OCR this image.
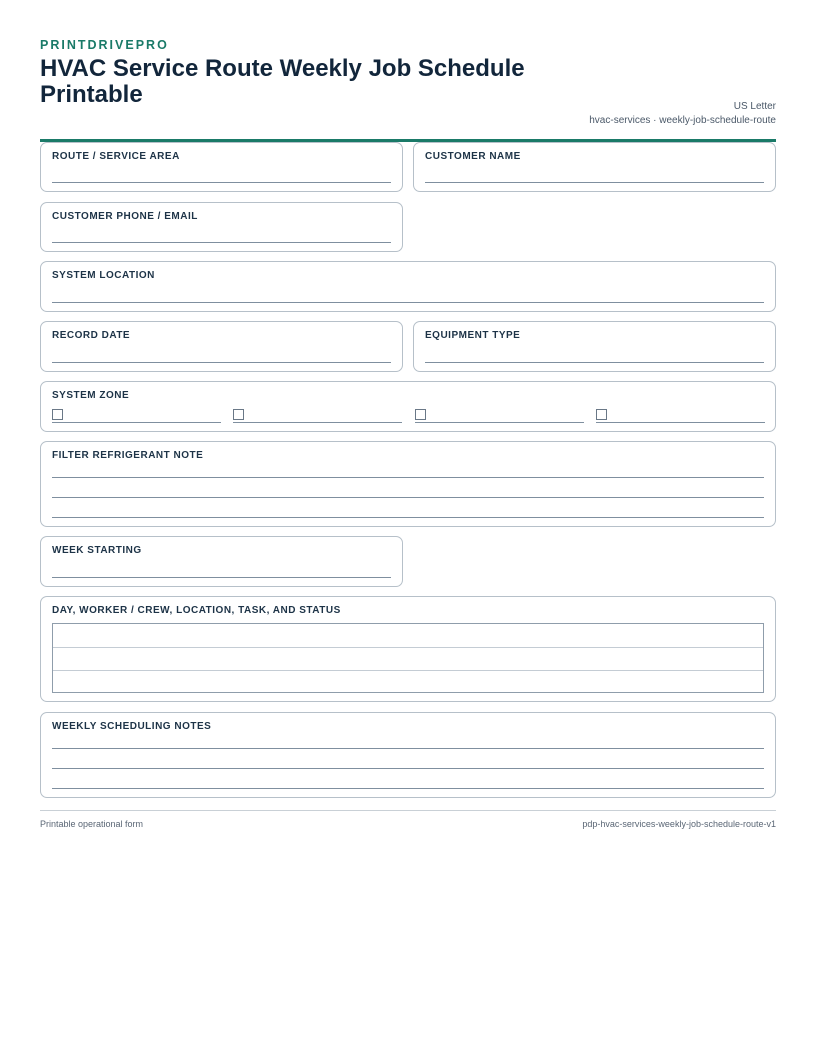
PRINTDRIVEPRO
HVAC Service Route Weekly Job Schedule Printable	US Letter
hvac-services · weekly-job-schedule-route
ROUTE / SERVICE AREA	CUSTOMER NAME
CUSTOMER PHONE / EMAIL
SYSTEM LOCATION
RECORD DATE	EQUIPMENT TYPE
SYSTEM ZONE
FILTER REFRIGERANT NOTE
WEEK STARTING
DAY, WORKER / CREW, LOCATION, TASK, AND STATUS
WEEKLY SCHEDULING NOTES
Printable operational form	pdp-hvac-services-weekly-job-schedule-route-v1
